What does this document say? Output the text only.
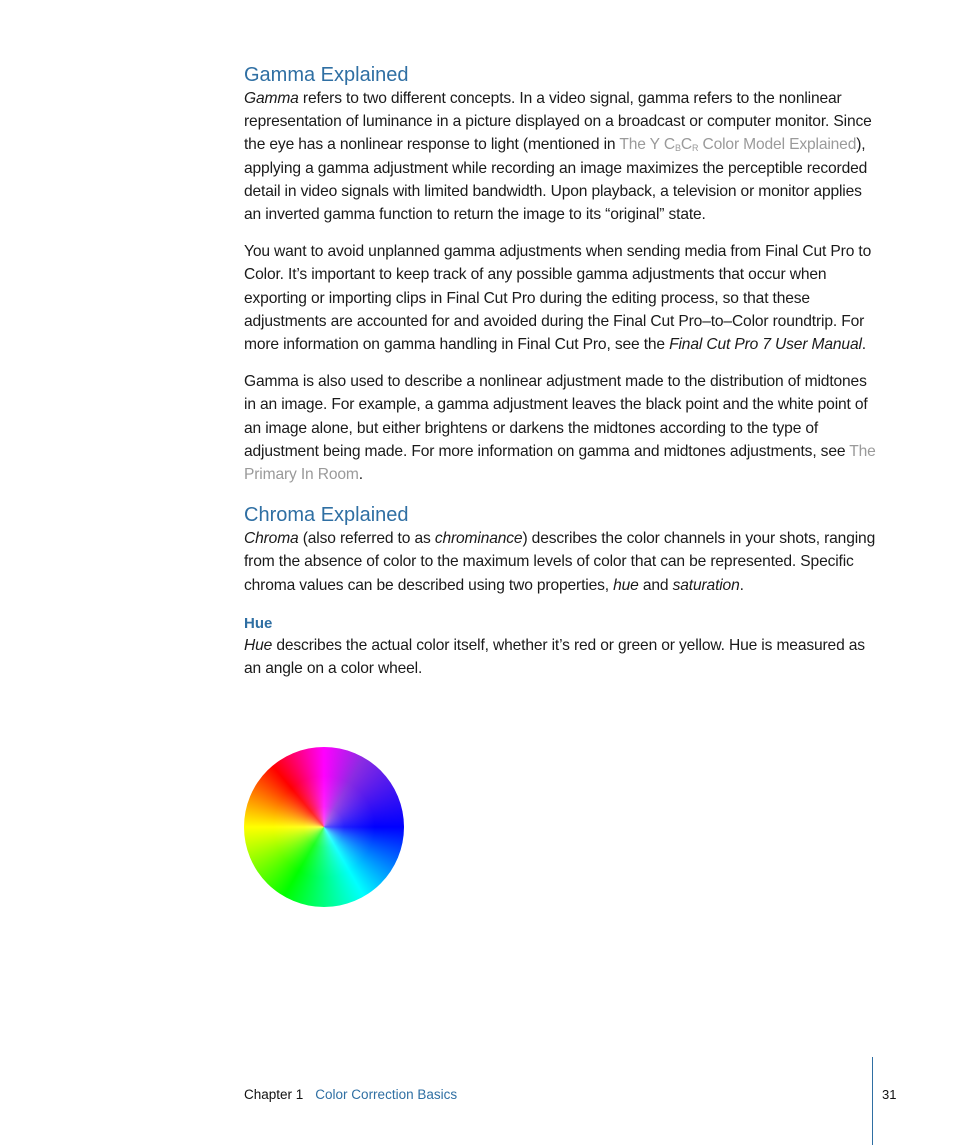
Gamma Explained

Gamma refers to two different concepts. In a video signal, gamma refers to the nonlinear representation of luminance in a picture displayed on a broadcast or computer monitor. Since the eye has a nonlinear response to light (mentioned in The Y $C_BC_R$ Color Model Explained), applying a gamma adjustment while recording an image maximizes the perceptible recorded detail in video signals with limited bandwidth. Upon playback, a television or monitor applies an inverted gamma function to return the image to its “original” state.

You want to avoid unplanned gamma adjustments when sending media from Final Cut Pro to Color. It’s important to keep track of any possible gamma adjustments that occur when exporting or importing clips in Final Cut Pro during the editing process, so that these adjustments are accounted for and avoided during the Final Cut Pro–to–Color roundtrip. For more information on gamma handling in Final Cut Pro, see the Final Cut Pro 7 User Manual.

Gamma is also used to describe a nonlinear adjustment made to the distribution of midtones in an image. For example, a gamma adjustment leaves the black point and the white point of an image alone, but either brightens or darkens the midtones according to the type of adjustment being made. For more information on gamma and midtones adjustments, see The Primary In Room.

Chroma Explained

Chroma (also referred to as chrominance) describes the color channels in your shots, ranging from the absence of color to the maximum levels of color that can be represented. Specific chroma values can be described using two properties, hue and saturation.

Hue

Hue describes the actual color itself, whether it’s red or green or yellow. Hue is measured as an angle on a color wheel.

Chapter 1 Color Correction Basics	31
